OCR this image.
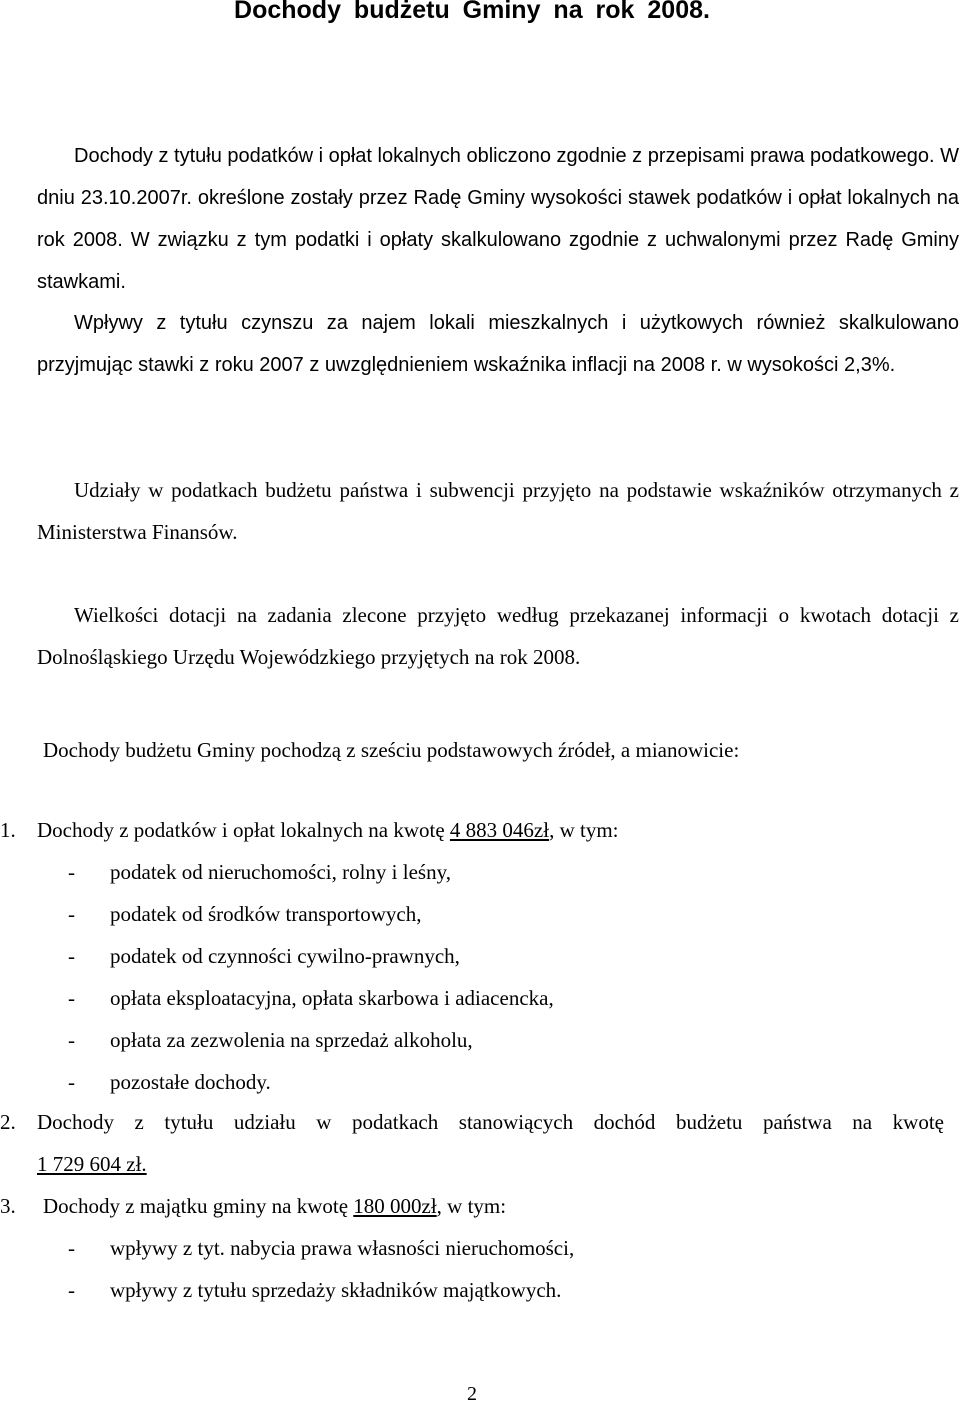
Dochody budżetu Gminy na rok 2008.

Dochody z tytułu podatków i opłat lokalnych obliczono zgodnie z przepisami prawa podatkowego. W dniu 23.10.2007r. określone zostały przez Radę Gminy wysokości stawek podatków i opłat lokalnych na rok 2008. W związku z tym podatki i opłaty skalkulowano zgodnie z uchwalonymi przez Radę Gminy stawkami.

Wpływy z tytułu czynszu za najem lokali mieszkalnych i użytkowych również skalkulowano przyjmując stawki z roku 2007 z uwzględnieniem wskaźnika inflacji na 2008 r. w wysokości 2,3%.

Udziały w podatkach budżetu państwa i subwencji przyjęto na podstawie wskaźników otrzymanych z Ministerstwa Finansów.

Wielkości dotacji na zadania zlecone przyjęto według przekazanej informacji o kwotach dotacji z Dolnośląskiego Urzędu Wojewódzkiego przyjętych na rok 2008.

Dochody budżetu Gminy pochodzą z sześciu podstawowych źródeł, a mianowicie:

1. Dochody z podatków i opłat lokalnych na kwotę 4 883 046zł, w tym:
- podatek od nieruchomości, rolny i leśny,
- podatek od środków transportowych,
- podatek od czynności cywilno-prawnych,
- opłata eksploatacyjna, opłata skarbowa i adiacencka,
- opłata za zezwolenia na sprzedaż alkoholu,
- pozostałe dochody.
2. Dochody z tytułu udziału w podatkach stanowiących dochód budżetu państwa na kwotę
1 729 604 zł.
3. Dochody z majątku gminy na kwotę 180 000zł, w tym:
- wpływy z tyt. nabycia prawa własności nieruchomości,
- wpływy z tytułu sprzedaży składników majątkowych.
2
